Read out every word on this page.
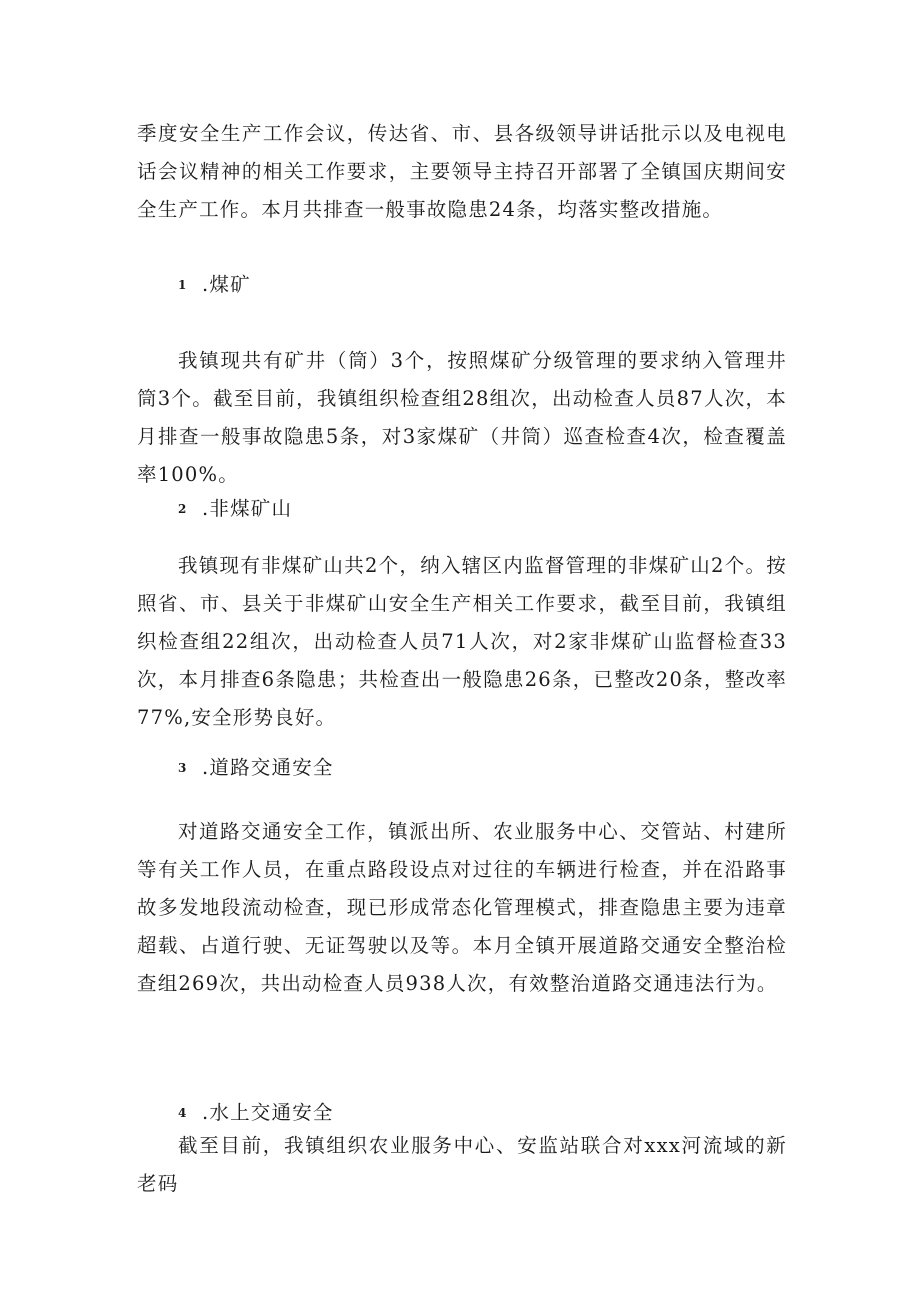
季度安全生产工作会议，传达省、市、县各级领导讲话批示以及电视电话会议精神的相关工作要求，主要领导主持召开部署了全镇国庆期间安全生产工作。本月共排查一般事故隐患24条，均落实整改措施。

1 .煤矿

我镇现共有矿井（筒）3个，按照煤矿分级管理的要求纳入管理井筒3个。截至目前，我镇组织检查组28组次，出动检查人员87人次，本月排查一般事故隐患5条，对3家煤矿（井筒）巡查检查4次，检查覆盖率100%。

2 .非煤矿山

我镇现有非煤矿山共2个，纳入辖区内监督管理的非煤矿山2个。按照省、市、县关于非煤矿山安全生产相关工作要求，截至目前，我镇组织检查组22组次，出动检查人员71人次，对2家非煤矿山监督检查33次，本月排查6条隐患；共检查出一般隐患26条，已整改20条，整改率77%,安全形势良好。

3 .道路交通安全

对道路交通安全工作，镇派出所、农业服务中心、交管站、村建所等有关工作人员，在重点路段设点对过往的车辆进行检查，并在沿路事故多发地段流动检查，现已形成常态化管理模式，排查隐患主要为违章超载、占道行驶、无证驾驶以及等。本月全镇开展道路交通安全整治检查组269次，共出动检查人员938人次，有效整治道路交通违法行为。

4 .水上交通安全

截至目前，我镇组织农业服务中心、安监站联合对xxx河流域的新老码
